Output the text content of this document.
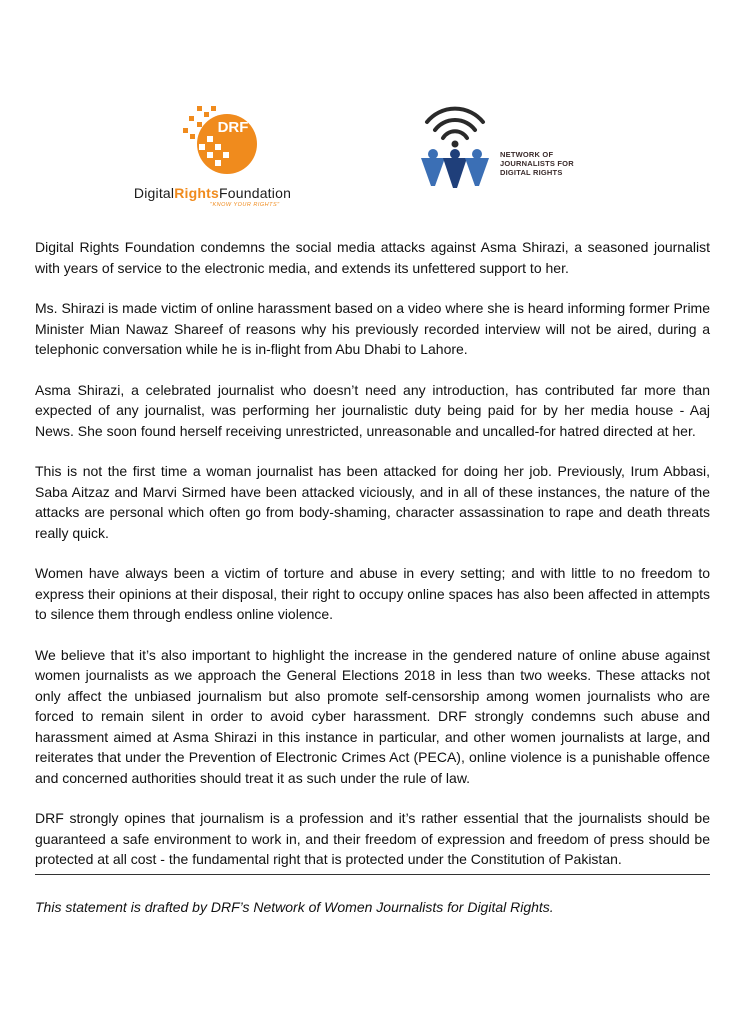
DRF
DigitalRightsFoundation
"KNOW YOUR RIGHTS"
NETWORK OF
JOURNALISTS FOR
DIGITAL RIGHTS

Digital Rights Foundation condemns the social media attacks against Asma Shirazi, a seasoned journalist with years of service to the electronic media, and extends its unfettered support to her.

Ms. Shirazi is made victim of online harassment based on a video where she is heard informing former Prime Minister Mian Nawaz Shareef of reasons why his previously recorded interview will not be aired, during a telephonic conversation while he is in-flight from Abu Dhabi to Lahore.

Asma Shirazi, a celebrated journalist who doesn’t need any introduction, has contributed far more than expected of any journalist, was performing her journalistic duty being paid for by her media house - Aaj News. She soon found herself receiving unrestricted, unreasonable and uncalled-for hatred directed at her.

This is not the first time a woman journalist has been attacked for doing her job. Previously, Irum Abbasi, Saba Aitzaz and Marvi Sirmed have been attacked viciously, and in all of these instances, the nature of the attacks are personal which often go from body-shaming, character assassination to rape and death threats really quick.

Women have always been a victim of torture and abuse in every setting; and with little to no freedom to express their opinions at their disposal, their right to occupy online spaces has also been affected in attempts to silence them through endless online violence.

We believe that it’s also important to highlight the increase in the gendered nature of online abuse against women journalists as we approach the General Elections 2018 in less than two weeks. These attacks not only affect the unbiased journalism but also promote self-censorship among women journalists who are forced to remain silent in order to avoid cyber harassment. DRF strongly condemns such abuse and harassment aimed at Asma Shirazi in this instance in particular, and other women journalists at large, and reiterates that under the Prevention of Electronic Crimes Act (PECA), online violence is a punishable offence and concerned authorities should treat it as such under the rule of law.

DRF strongly opines that journalism is a profession and it’s rather essential that the journalists should be guaranteed a safe environment to work in, and their freedom of expression and freedom of press should be protected at all cost - the fundamental right that is protected under the Constitution of Pakistan.

This statement is drafted by DRF’s Network of Women Journalists for Digital Rights.
